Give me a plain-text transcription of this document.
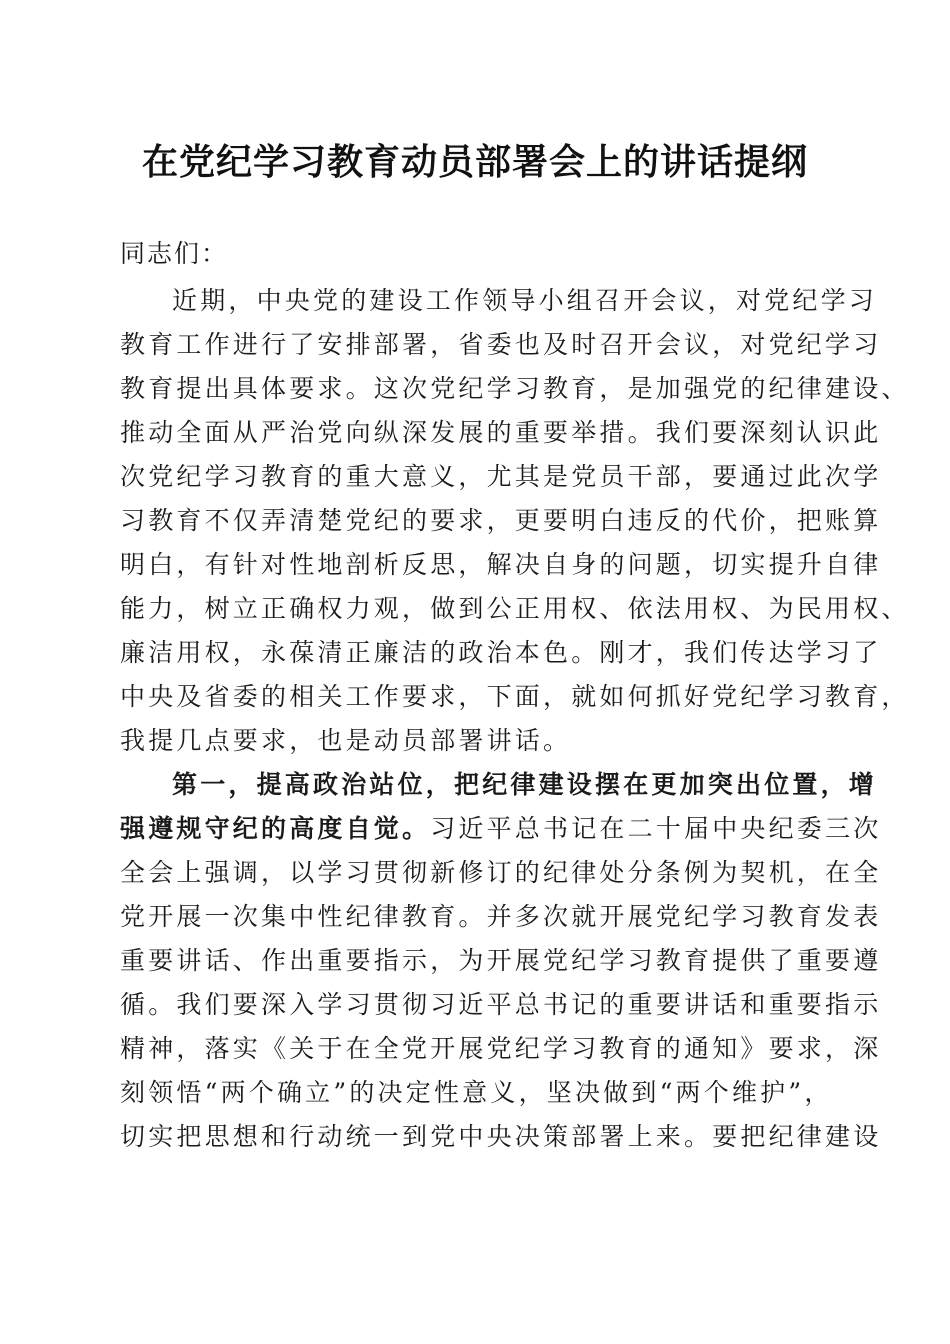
在党纪学习教育动员部署会上的讲话提纲
同志们：
近期，中央党的建设工作领导小组召开会议，对党纪学习
教育工作进行了安排部署，省委也及时召开会议，对党纪学习
教育提出具体要求。这次党纪学习教育，是加强党的纪律建设、
推动全面从严治党向纵深发展的重要举措。我们要深刻认识此
次党纪学习教育的重大意义，尤其是党员干部，要通过此次学
习教育不仅弄清楚党纪的要求，更要明白违反的代价，把账算
明白，有针对性地剖析反思，解决自身的问题，切实提升自律
能力，树立正确权力观，做到公正用权、依法用权、为民用权、
廉洁用权，永葆清正廉洁的政治本色。刚才，我们传达学习了
中央及省委的相关工作要求，下面，就如何抓好党纪学习教育，
我提几点要求，也是动员部署讲话。
第一，提高政治站位，把纪律建设摆在更加突出位置，增
强遵规守纪的高度自觉。习近平总书记在二十届中央纪委三次
全会上强调，以学习贯彻新修订的纪律处分条例为契机，在全
党开展一次集中性纪律教育。并多次就开展党纪学习教育发表
重要讲话、作出重要指示，为开展党纪学习教育提供了重要遵
循。我们要深入学习贯彻习近平总书记的重要讲话和重要指示
精神，落实《关于在全党开展党纪学习教育的通知》要求，深
刻领悟“两个确立”的决定性意义，坚决做到“两个维护”，
切实把思想和行动统一到党中央决策部署上来。要把纪律建设
